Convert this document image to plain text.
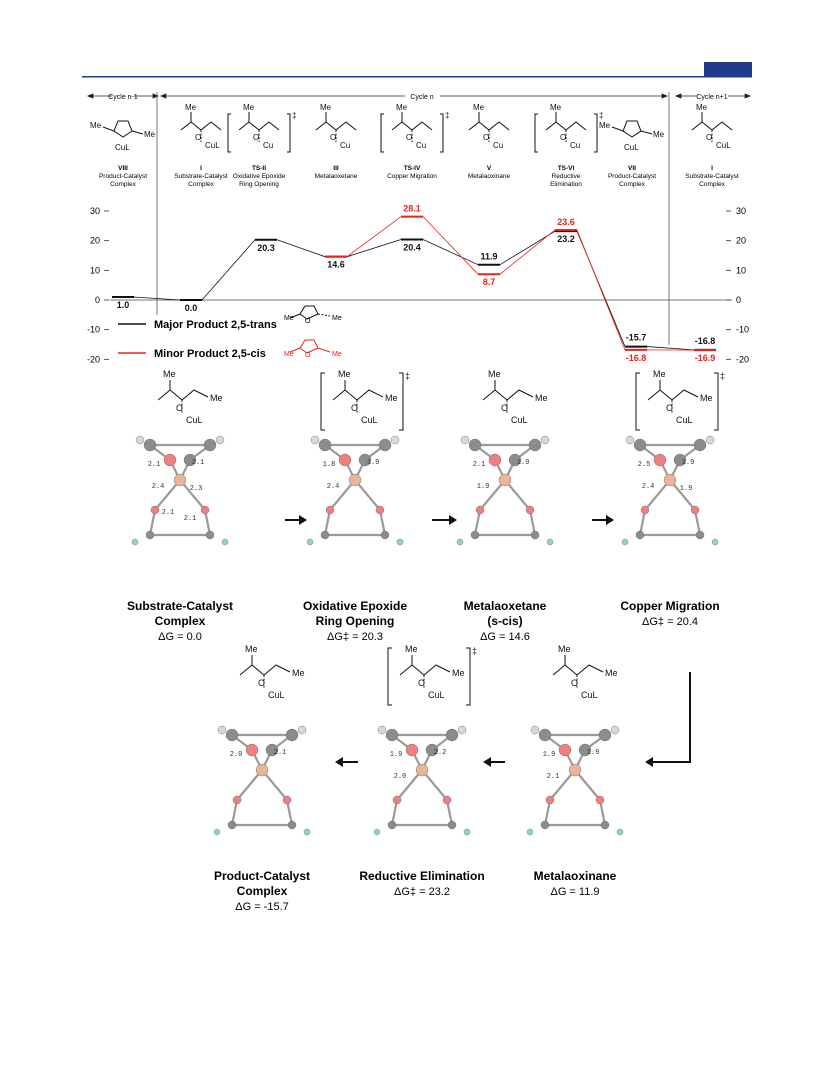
Cycle n-1	Cycle n	Cycle n+1
Me
Me
CuL
VIII
Product-Catalyst
Complex
Me
O
CuL
I
Substrate-Catalyst
Complex
Me
O
Cu
‡
TS-II
Oxidative Epoxide
Ring Opening
Me
O
Cu
III
Metalaoxetane
Me
O
Cu
‡
TS-IV
Copper Migration
Me
O
Cu
V
Metalaoxinane
Me
O
Cu
‡
TS-VI
Reductive
Elimination
Me
Me
CuL
VII
Product-Catalyst
Complex
Me
O
CuL
I
Substrate-Catalyst
Complex
30	30
20	20
10	10
0	0
-10	-10
-20	-20
1.0	0.0
20.3
14.6
20.4
11.9
23.2
-15.7	-16.8
28.1
8.7
23.6
-16.8	-16.9
Major Product 2,5-trans
Minor Product 2,5-cis
Me	Me
O
Me	Me
O
Me
Me
O
CuL
2.1	2.1
2.4	2.3
2.1
2.1
Substrate-Catalyst
Complex
ΔG = 0.0
Me
Me
O
CuL
‡
1.8	1.9
2.4
Oxidative Epoxide
Ring Opening
ΔG‡ = 20.3
Me
Me
O
CuL
2.1	1.9
1.9
Metalaoxetane
(s-cis)
ΔG = 14.6
Me
Me
O
CuL
‡
2.5	1.9
2.4	1.9
Copper Migration
ΔG‡ = 20.4
Me
Me
O
CuL
1.9	1.9
2.1
Metalaoxinane
ΔG = 11.9
Me
Me
O
CuL
‡
1.9	2.2
2.0
Reductive Elimination
ΔG‡ = 23.2
Me
Me
O
CuL
2.0	2.1
Product-Catalyst
Complex
ΔG = -15.7
